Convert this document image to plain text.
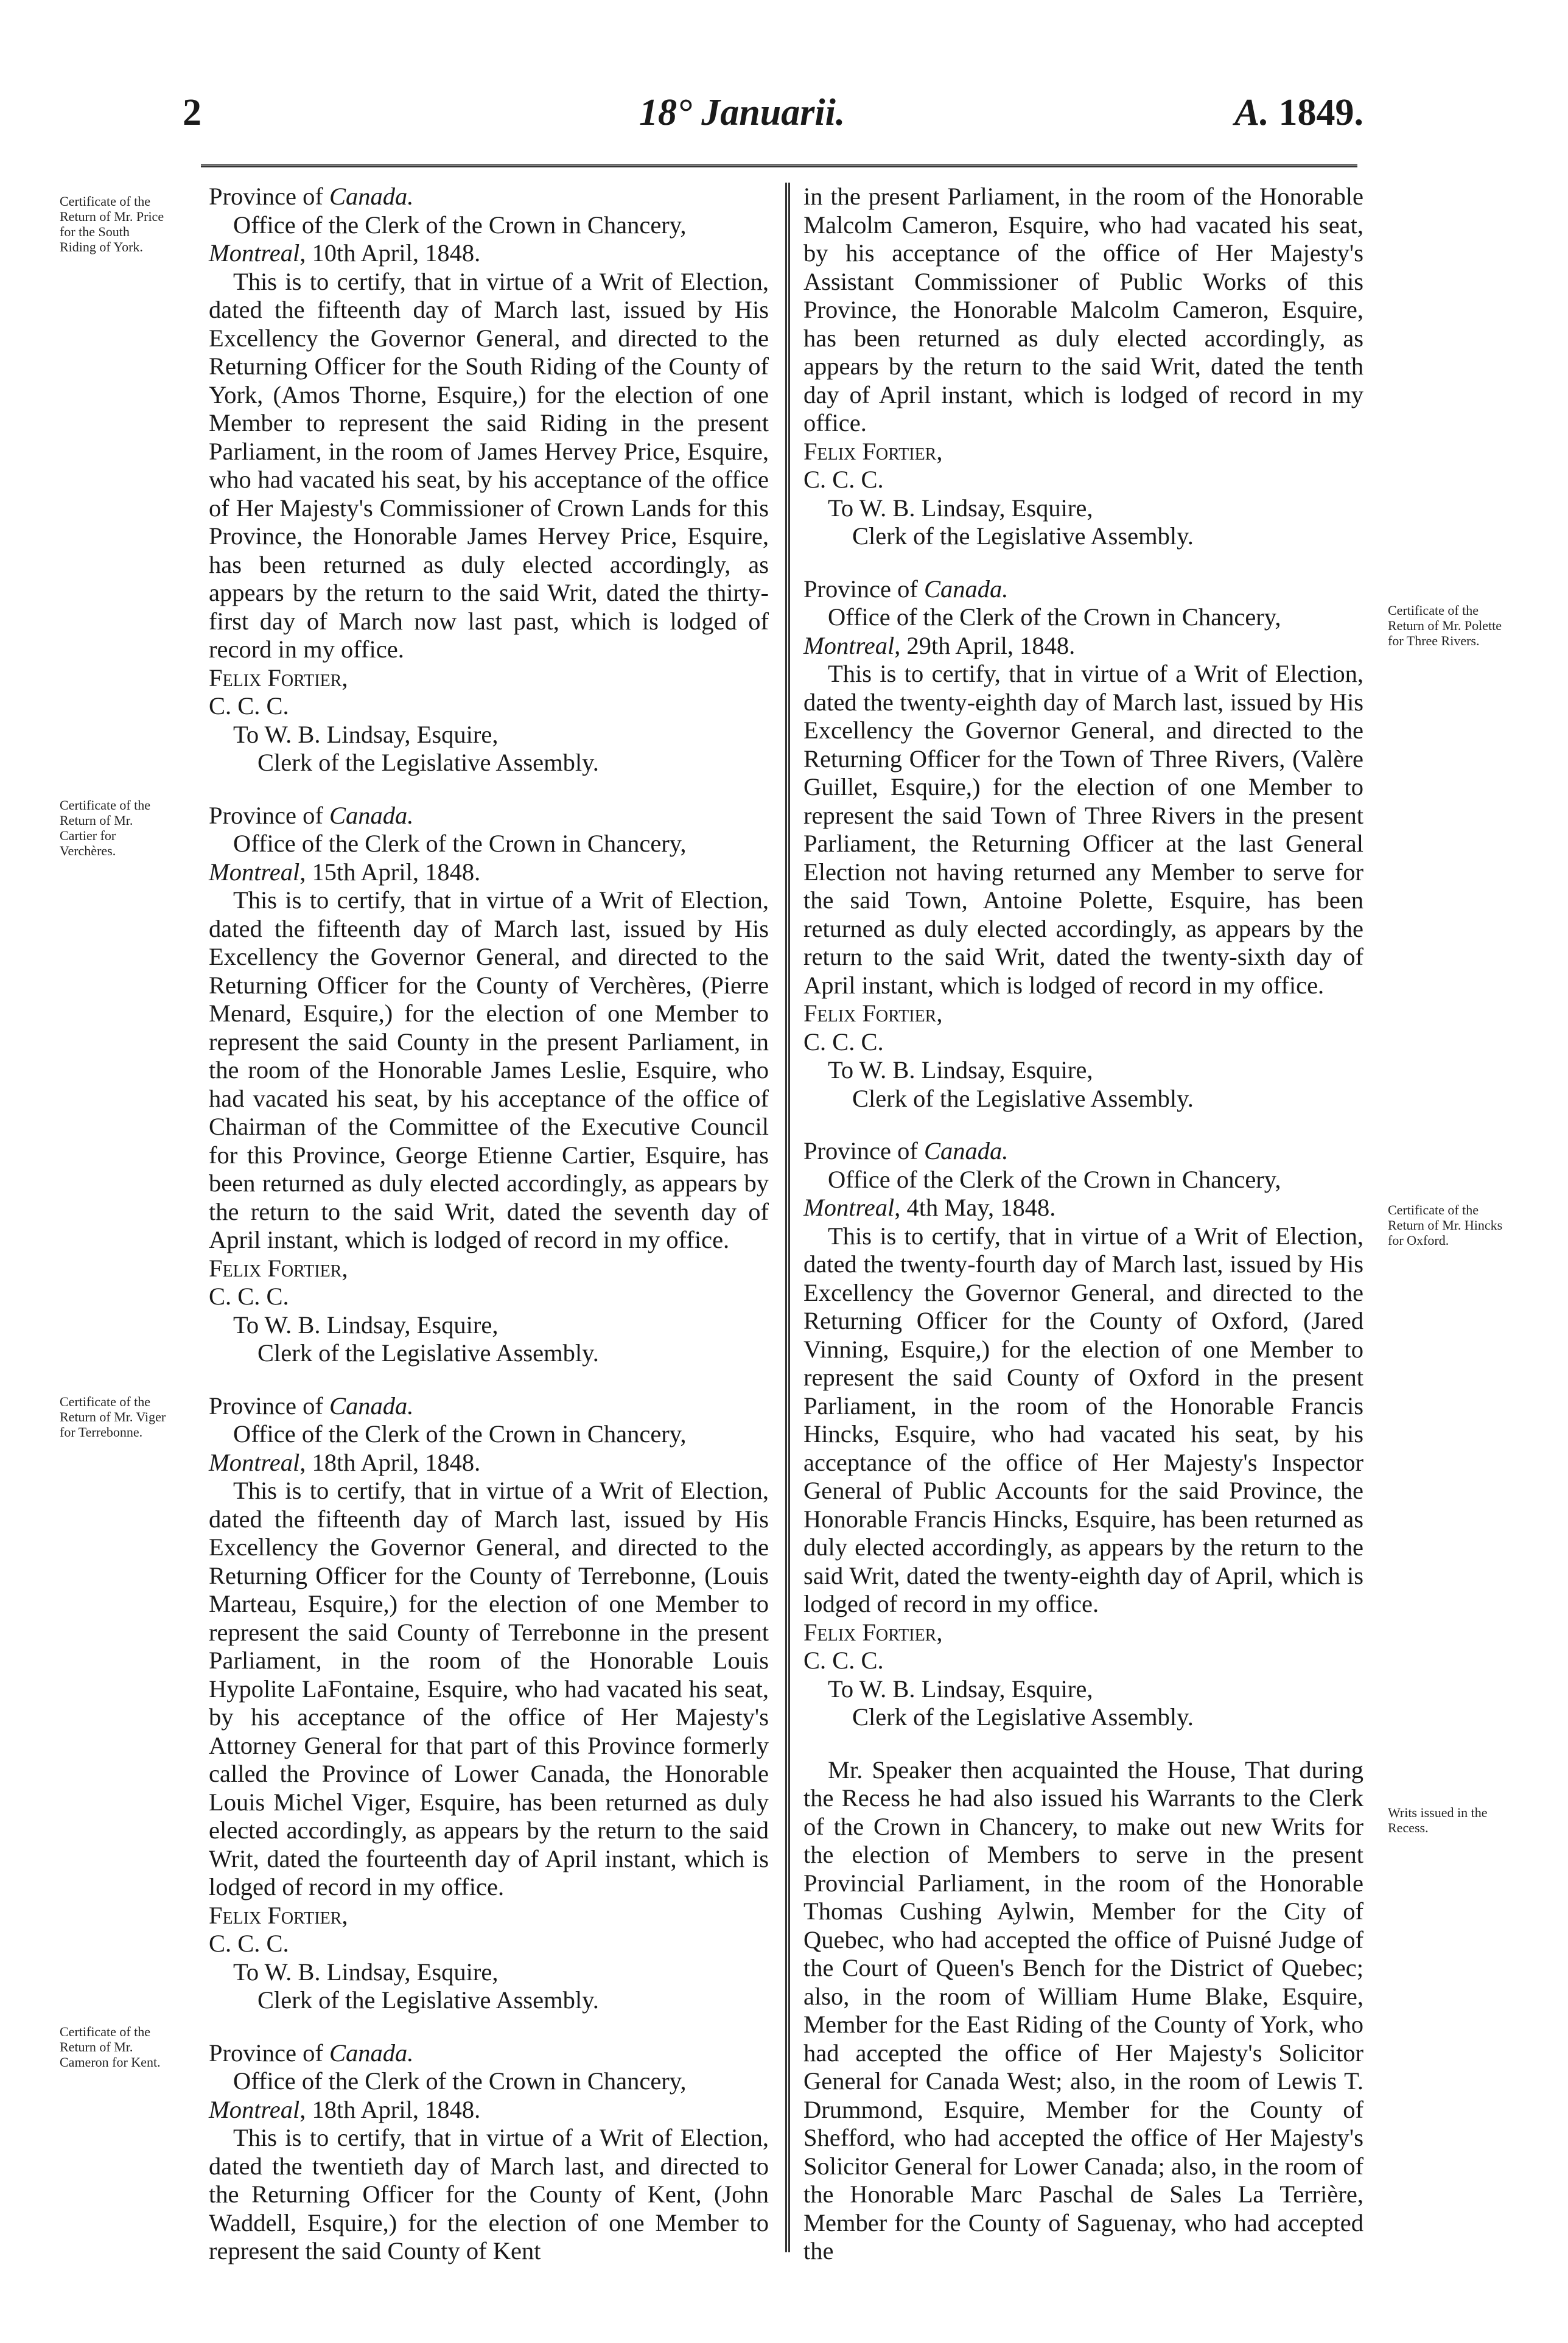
2	18° Januarii.	A. 1849.
Certificate of the Return of Mr. Price for the South Riding of York.
Certificate of the Return of Mr. Cartier for Verchères.
Certificate of the Return of Mr. Viger for Terrebonne.
Certificate of the Return of Mr. Cameron for Kent.
Certificate of the Return of Mr. Polette for Three Rivers.
Certificate of the Return of Mr. Hincks for Oxford.
Writs issued in the Recess.

Province of Canada.

Office of the Clerk of the Crown in Chancery,

Montreal, 10th April, 1848.

This is to certify, that in virtue of a Writ of Election, dated the fifteenth day of March last, issued by His Excellency the Governor General, and directed to the Returning Officer for the South Riding of the County of York, (Amos Thorne, Esquire,) for the election of one Member to represent the said Riding in the present Parliament, in the room of James Hervey Price, Esquire, who had vacated his seat, by his acceptance of the office of Her Majesty's Commissioner of Crown Lands for this Province, the Honorable James Hervey Price, Esquire, has been returned as duly elected accordingly, as appears by the return to the said Writ, dated the thirty-first day of March now last past, which is lodged of record in my office.

Felix Fortier,

C. C. C.

To W. B. Lindsay, Esquire,

Clerk of the Legislative Assembly.

Province of Canada.

Office of the Clerk of the Crown in Chancery,

Montreal, 15th April, 1848.

This is to certify, that in virtue of a Writ of Election, dated the fifteenth day of March last, issued by His Excellency the Governor General, and directed to the Returning Officer for the County of Verchères, (Pierre Menard, Esquire,) for the election of one Member to represent the said County in the present Parliament, in the room of the Honorable James Leslie, Esquire, who had vacated his seat, by his acceptance of the office of Chairman of the Committee of the Executive Council for this Province, George Etienne Cartier, Esquire, has been returned as duly elected accordingly, as appears by the return to the said Writ, dated the seventh day of April instant, which is lodged of record in my office.

Felix Fortier,

C. C. C.

To W. B. Lindsay, Esquire,

Clerk of the Legislative Assembly.

Province of Canada.

Office of the Clerk of the Crown in Chancery,

Montreal, 18th April, 1848.

This is to certify, that in virtue of a Writ of Election, dated the fifteenth day of March last, issued by His Excellency the Governor General, and directed to the Returning Officer for the County of Terrebonne, (Louis Marteau, Esquire,) for the election of one Member to represent the said County of Terrebonne in the present Parliament, in the room of the Honorable Louis Hypolite LaFontaine, Esquire, who had vacated his seat, by his acceptance of the office of Her Majesty's Attorney General for that part of this Province formerly called the Province of Lower Canada, the Honorable Louis Michel Viger, Esquire, has been returned as duly elected accordingly, as appears by the return to the said Writ, dated the fourteenth day of April instant, which is lodged of record in my office.

Felix Fortier,

C. C. C.

To W. B. Lindsay, Esquire,

Clerk of the Legislative Assembly.

Province of Canada.

Office of the Clerk of the Crown in Chancery,

Montreal, 18th April, 1848.

This is to certify, that in virtue of a Writ of Election, dated the twentieth day of March last, and directed to the Returning Officer for the County of Kent, (John Waddell, Esquire,) for the election of one Member to represent the said County of Kent

in the present Parliament, in the room of the Honorable Malcolm Cameron, Esquire, who had vacated his seat, by his acceptance of the office of Her Majesty's Assistant Commissioner of Public Works of this Province, the Honorable Malcolm Cameron, Esquire, has been returned as duly elected accordingly, as appears by the return to the said Writ, dated the tenth day of April instant, which is lodged of record in my office.

Felix Fortier,

C. C. C.

To W. B. Lindsay, Esquire,

Clerk of the Legislative Assembly.

Province of Canada.

Office of the Clerk of the Crown in Chancery,

Montreal, 29th April, 1848.

This is to certify, that in virtue of a Writ of Election, dated the twenty-eighth day of March last, issued by His Excellency the Governor General, and directed to the Returning Officer for the Town of Three Rivers, (Valère Guillet, Esquire,) for the election of one Member to represent the said Town of Three Rivers in the present Parliament, the Returning Officer at the last General Election not having returned any Member to serve for the said Town, Antoine Polette, Esquire, has been returned as duly elected accordingly, as appears by the return to the said Writ, dated the twenty-sixth day of April instant, which is lodged of record in my office.

Felix Fortier,

C. C. C.

To W. B. Lindsay, Esquire,

Clerk of the Legislative Assembly.

Province of Canada.

Office of the Clerk of the Crown in Chancery,

Montreal, 4th May, 1848.

This is to certify, that in virtue of a Writ of Election, dated the twenty-fourth day of March last, issued by His Excellency the Governor General, and directed to the Returning Officer for the County of Oxford, (Jared Vinning, Esquire,) for the election of one Member to represent the said County of Oxford in the present Parliament, in the room of the Honorable Francis Hincks, Esquire, who had vacated his seat, by his acceptance of the office of Her Majesty's Inspector General of Public Accounts for the said Province, the Honorable Francis Hincks, Esquire, has been returned as duly elected accordingly, as appears by the return to the said Writ, dated the twenty-eighth day of April, which is lodged of record in my office.

Felix Fortier,

C. C. C.

To W. B. Lindsay, Esquire,

Clerk of the Legislative Assembly.

Mr. Speaker then acquainted the House, That during the Recess he had also issued his Warrants to the Clerk of the Crown in Chancery, to make out new Writs for the election of Members to serve in the present Provincial Parliament, in the room of the Honorable Thomas Cushing Aylwin, Member for the City of Quebec, who had accepted the office of Puisné Judge of the Court of Queen's Bench for the District of Quebec; also, in the room of William Hume Blake, Esquire, Member for the East Riding of the County of York, who had accepted the office of Her Majesty's Solicitor General for Canada West; also, in the room of Lewis T. Drummond, Esquire, Member for the County of Shefford, who had accepted the office of Her Majesty's Solicitor General for Lower Canada; also, in the room of the Honorable Marc Paschal de Sales La Terrière, Member for the County of Saguenay, who had accepted the
